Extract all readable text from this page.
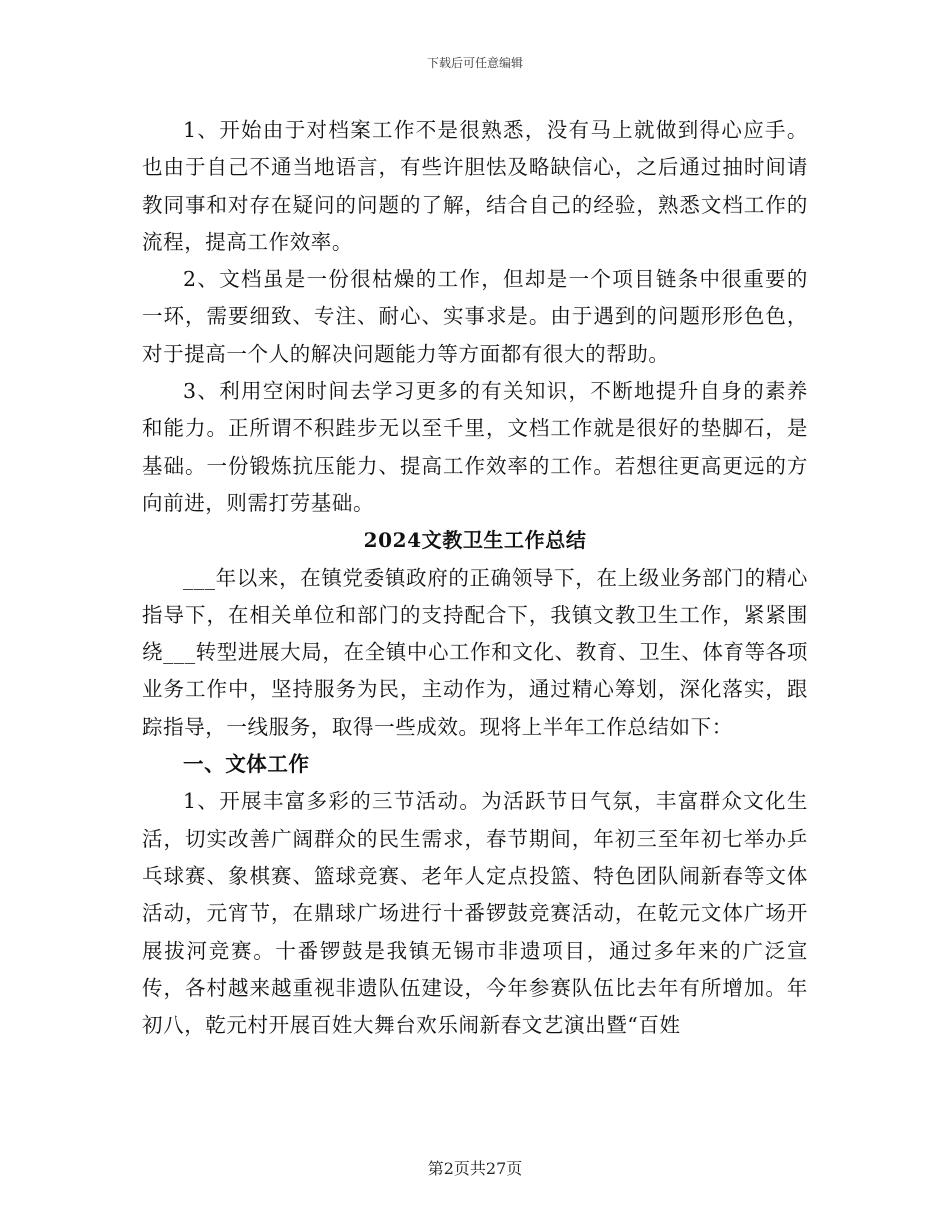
下载后可任意编辑

1、开始由于对档案工作不是很熟悉，没有马上就做到得心应手。也由于自己不通当地语言，有些许胆怯及略缺信心，之后通过抽时间请教同事和对存在疑问的问题的了解，结合自己的经验，熟悉文档工作的流程，提高工作效率。

2、文档虽是一份很枯燥的工作，但却是一个项目链条中很重要的一环，需要细致、专注、耐心、实事求是。由于遇到的问题形形色色，对于提高一个人的解决问题能力等方面都有很大的帮助。

3、利用空闲时间去学习更多的有关知识，不断地提升自身的素养和能力。正所谓不积跬步无以至千里，文档工作就是很好的垫脚石，是基础。一份锻炼抗压能力、提高工作效率的工作。若想往更高更远的方向前进，则需打劳基础。

2024文教卫生工作总结

___年以来，在镇党委镇政府的正确领导下，在上级业务部门的精心指导下，在相关单位和部门的支持配合下，我镇文教卫生工作，紧紧围绕___转型进展大局，在全镇中心工作和文化、教育、卫生、体育等各项业务工作中，坚持服务为民，主动作为，通过精心筹划，深化落实，跟踪指导，一线服务，取得一些成效。现将上半年工作总结如下：

一、文体工作

1、开展丰富多彩的三节活动。为活跃节日气氛，丰富群众文化生活，切实改善广阔群众的民生需求，春节期间，年初三至年初七举办乒乓球赛、象棋赛、篮球竞赛、老年人定点投篮、特色团队闹新春等文体活动，元宵节，在鼎球广场进行十番锣鼓竞赛活动，在乾元文体广场开展拔河竞赛。十番锣鼓是我镇无锡市非遗项目，通过多年来的广泛宣传，各村越来越重视非遗队伍建设，今年参赛队伍比去年有所增加。年初八，乾元村开展百姓大舞台欢乐闹新春文艺演出暨“百姓

第2页共27页
